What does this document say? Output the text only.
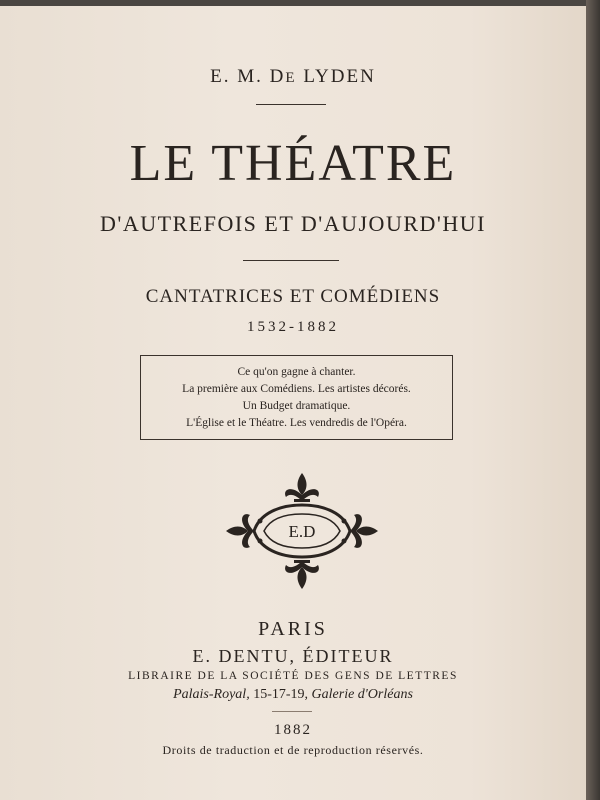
E. M. DE LYDEN
LE THÉATRE
D'AUTREFOIS ET D'AUJOURD'HUI
CANTATRICES ET COMÉDIENS
1532-1882
Ce qu'on gagne à chanter.
La première aux Comédiens. Les artistes décorés.
Un Budget dramatique.
L'Église et le Théatre. Les vendredis de l'Opéra.
E.D
PARIS
E. DENTU, ÉDITEUR
LIBRAIRE DE LA SOCIÉTÉ DES GENS DE LETTRES
Palais-Royal, 15-17-19, Galerie d'Orléans
1882
Droits de traduction et de reproduction réservés.
